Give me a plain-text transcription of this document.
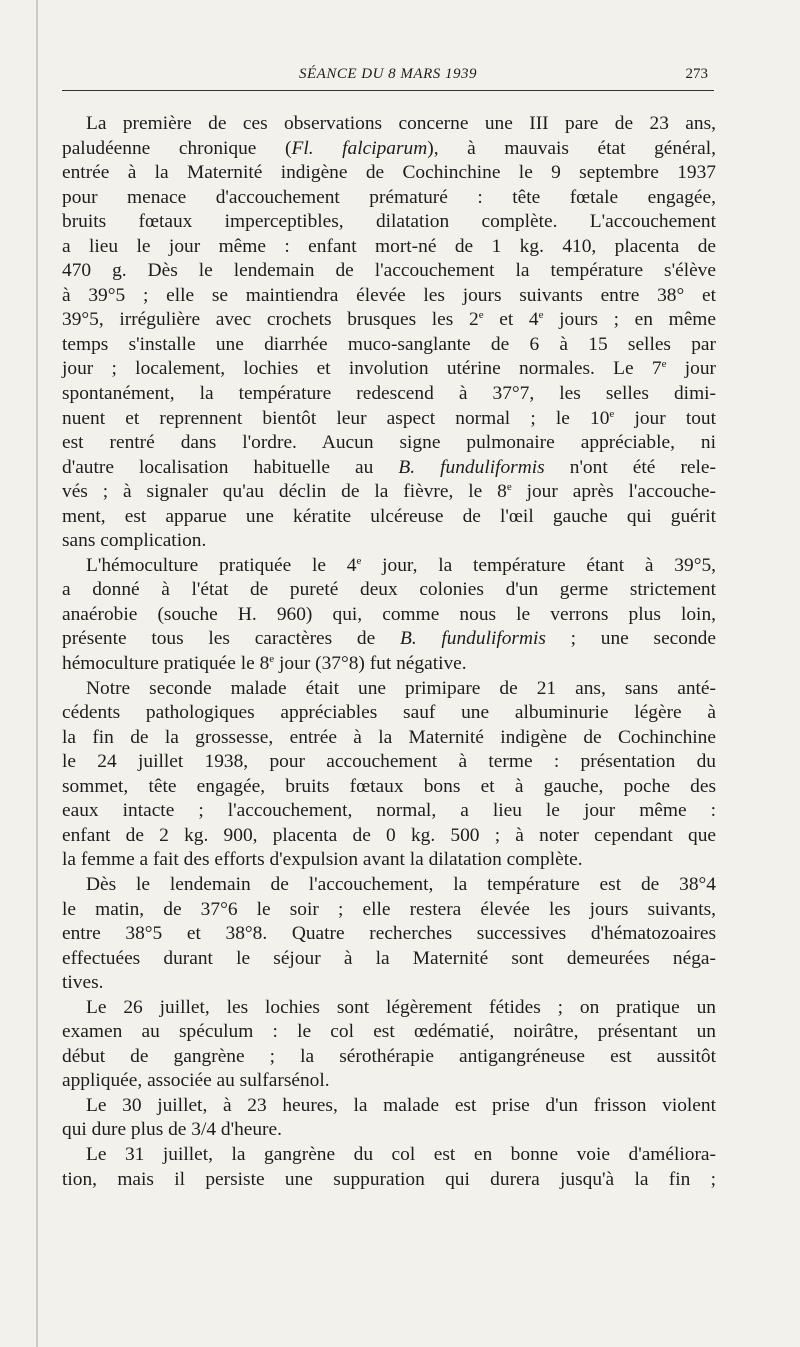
SÉANCE DU 8 MARS 1939	273
La première de ces observations concerne une III pare de 23 ans,
paludéenne chronique (Fl. falciparum), à mauvais état général,
entrée à la Maternité indigène de Cochinchine le 9 septembre 1937
pour menace d'accouchement prématuré : tête fœtale engagée,
bruits fœtaux imperceptibles, dilatation complète. L'accouchement
a lieu le jour même : enfant mort-né de 1 kg. 410, placenta de
470 g. Dès le lendemain de l'accouchement la température s'élève
à 39°5 ; elle se maintiendra élevée les jours suivants entre 38° et
39°5, irrégulière avec crochets brusques les 2e et 4e jours ; en même
temps s'installe une diarrhée muco-sanglante de 6 à 15 selles par
jour ; localement, lochies et involution utérine normales. Le 7e jour
spontanément, la température redescend à 37°7, les selles dimi-
nuent et reprennent bientôt leur aspect normal ; le 10e jour tout
est rentré dans l'ordre. Aucun signe pulmonaire appréciable, ni
d'autre localisation habituelle au B. funduliformis n'ont été rele-
vés ; à signaler qu'au déclin de la fièvre, le 8e jour après l'accouche-
ment, est apparue une kératite ulcéreuse de l'œil gauche qui guérit
sans complication.
L'hémoculture pratiquée le 4e jour, la température étant à 39°5,
a donné à l'état de pureté deux colonies d'un germe strictement
anaérobie (souche H. 960) qui, comme nous le verrons plus loin,
présente tous les caractères de B. funduliformis ; une seconde
hémoculture pratiquée le 8e jour (37°8) fut négative.
Notre seconde malade était une primipare de 21 ans, sans anté-
cédents pathologiques appréciables sauf une albuminurie légère à
la fin de la grossesse, entrée à la Maternité indigène de Cochinchine
le 24 juillet 1938, pour accouchement à terme : présentation du
sommet, tête engagée, bruits fœtaux bons et à gauche, poche des
eaux intacte ; l'accouchement, normal, a lieu le jour même :
enfant de 2 kg. 900, placenta de 0 kg. 500 ; à noter cependant que
la femme a fait des efforts d'expulsion avant la dilatation complète.
Dès le lendemain de l'accouchement, la température est de 38°4
le matin, de 37°6 le soir ; elle restera élevée les jours suivants,
entre 38°5 et 38°8. Quatre recherches successives d'hématozoaires
effectuées durant le séjour à la Maternité sont demeurées néga-
tives.
Le 26 juillet, les lochies sont légèrement fétides ; on pratique un
examen au spéculum : le col est œdématié, noirâtre, présentant un
début de gangrène ; la sérothérapie antigangréneuse est aussitôt
appliquée, associée au sulfarsénol.
Le 30 juillet, à 23 heures, la malade est prise d'un frisson violent
qui dure plus de 3/4 d'heure.
Le 31 juillet, la gangrène du col est en bonne voie d'améliora-
tion, mais il persiste une suppuration qui durera jusqu'à la fin ;
